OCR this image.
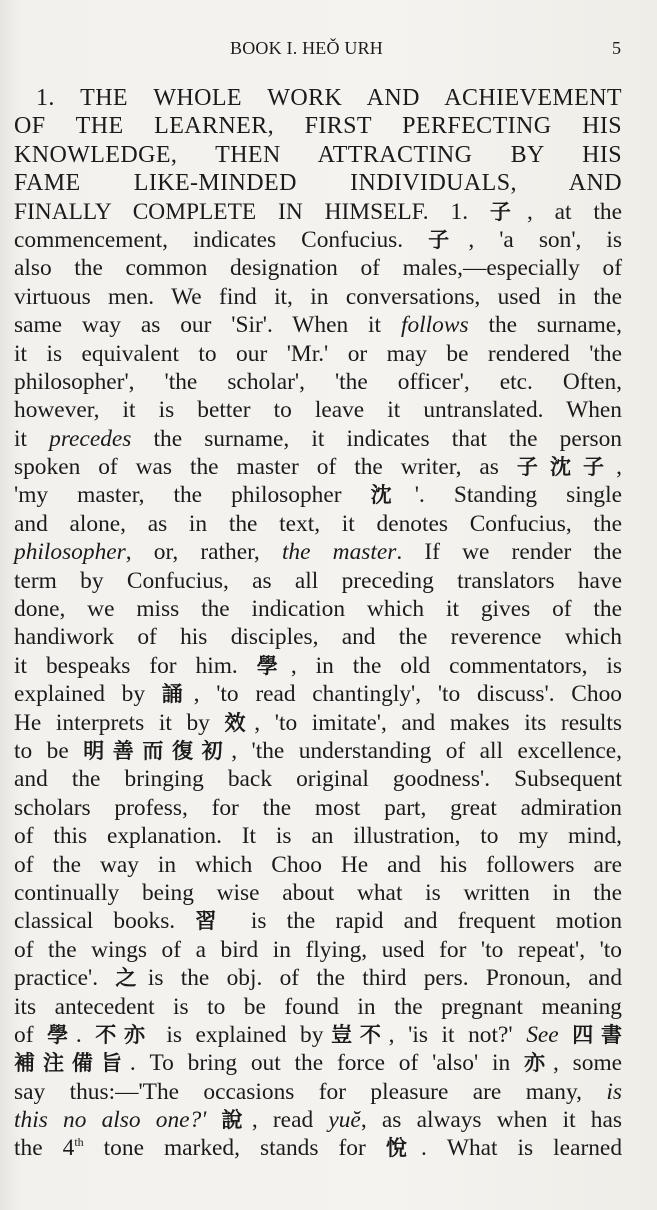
BOOK I. HEǑ URH	5
1. THE WHOLE WORK AND ACHIEVEMENT
OF THE LEARNER, FIRST PERFECTING HIS
KNOWLEDGE, THEN ATTRACTING BY HIS
FAME LIKE-MINDED INDIVIDUALS, AND
FINALLY COMPLETE IN HIMSELF. 1. 子, at the
commencement, indicates Confucius. 子, 'a son', is
also the common designation of males,—especially of
virtuous men. We find it, in conversations, used in the
same way as our 'Sir'. When it follows the surname,
it is equivalent to our 'Mr.' or may be rendered 'the
philosopher', 'the scholar', 'the officer', etc. Often,
however, it is better to leave it untranslated. When
it precedes the surname, it indicates that the person
spoken of was the master of the writer, as 子沈子,
'my master, the philosopher 沈'. Standing single
and alone, as in the text, it denotes Confucius, the
philosopher, or, rather, the master. If we render the
term by Confucius, as all preceding translators have
done, we miss the indication which it gives of the
handiwork of his disciples, and the reverence which
it bespeaks for him. 學, in the old commentators, is
explained by 誦, 'to read chantingly', 'to discuss'. Choo
He interprets it by 效, 'to imitate', and makes its results
to be 明善而復初, 'the understanding of all excellence,
and the bringing back original goodness'. Subsequent
scholars profess, for the most part, great admiration
of this explanation. It is an illustration, to my mind,
of the way in which Choo He and his followers are
continually being wise about what is written in the
classical books. 習 is the rapid and frequent motion
of the wings of a bird in flying, used for 'to repeat', 'to
practice'. 之is the obj. of the third pers. Pronoun, and
its antecedent is to be found in the pregnant meaning
of 學. 不亦 is explained by豈不, 'is it not?' See 四書
補注備旨. To bring out the force of 'also' in 亦, some
say thus:—'The occasions for pleasure are many, is
this no also one?' 說, read yuĕ, as always when it has
the 4th tone marked, stands for 悅. What is learned
